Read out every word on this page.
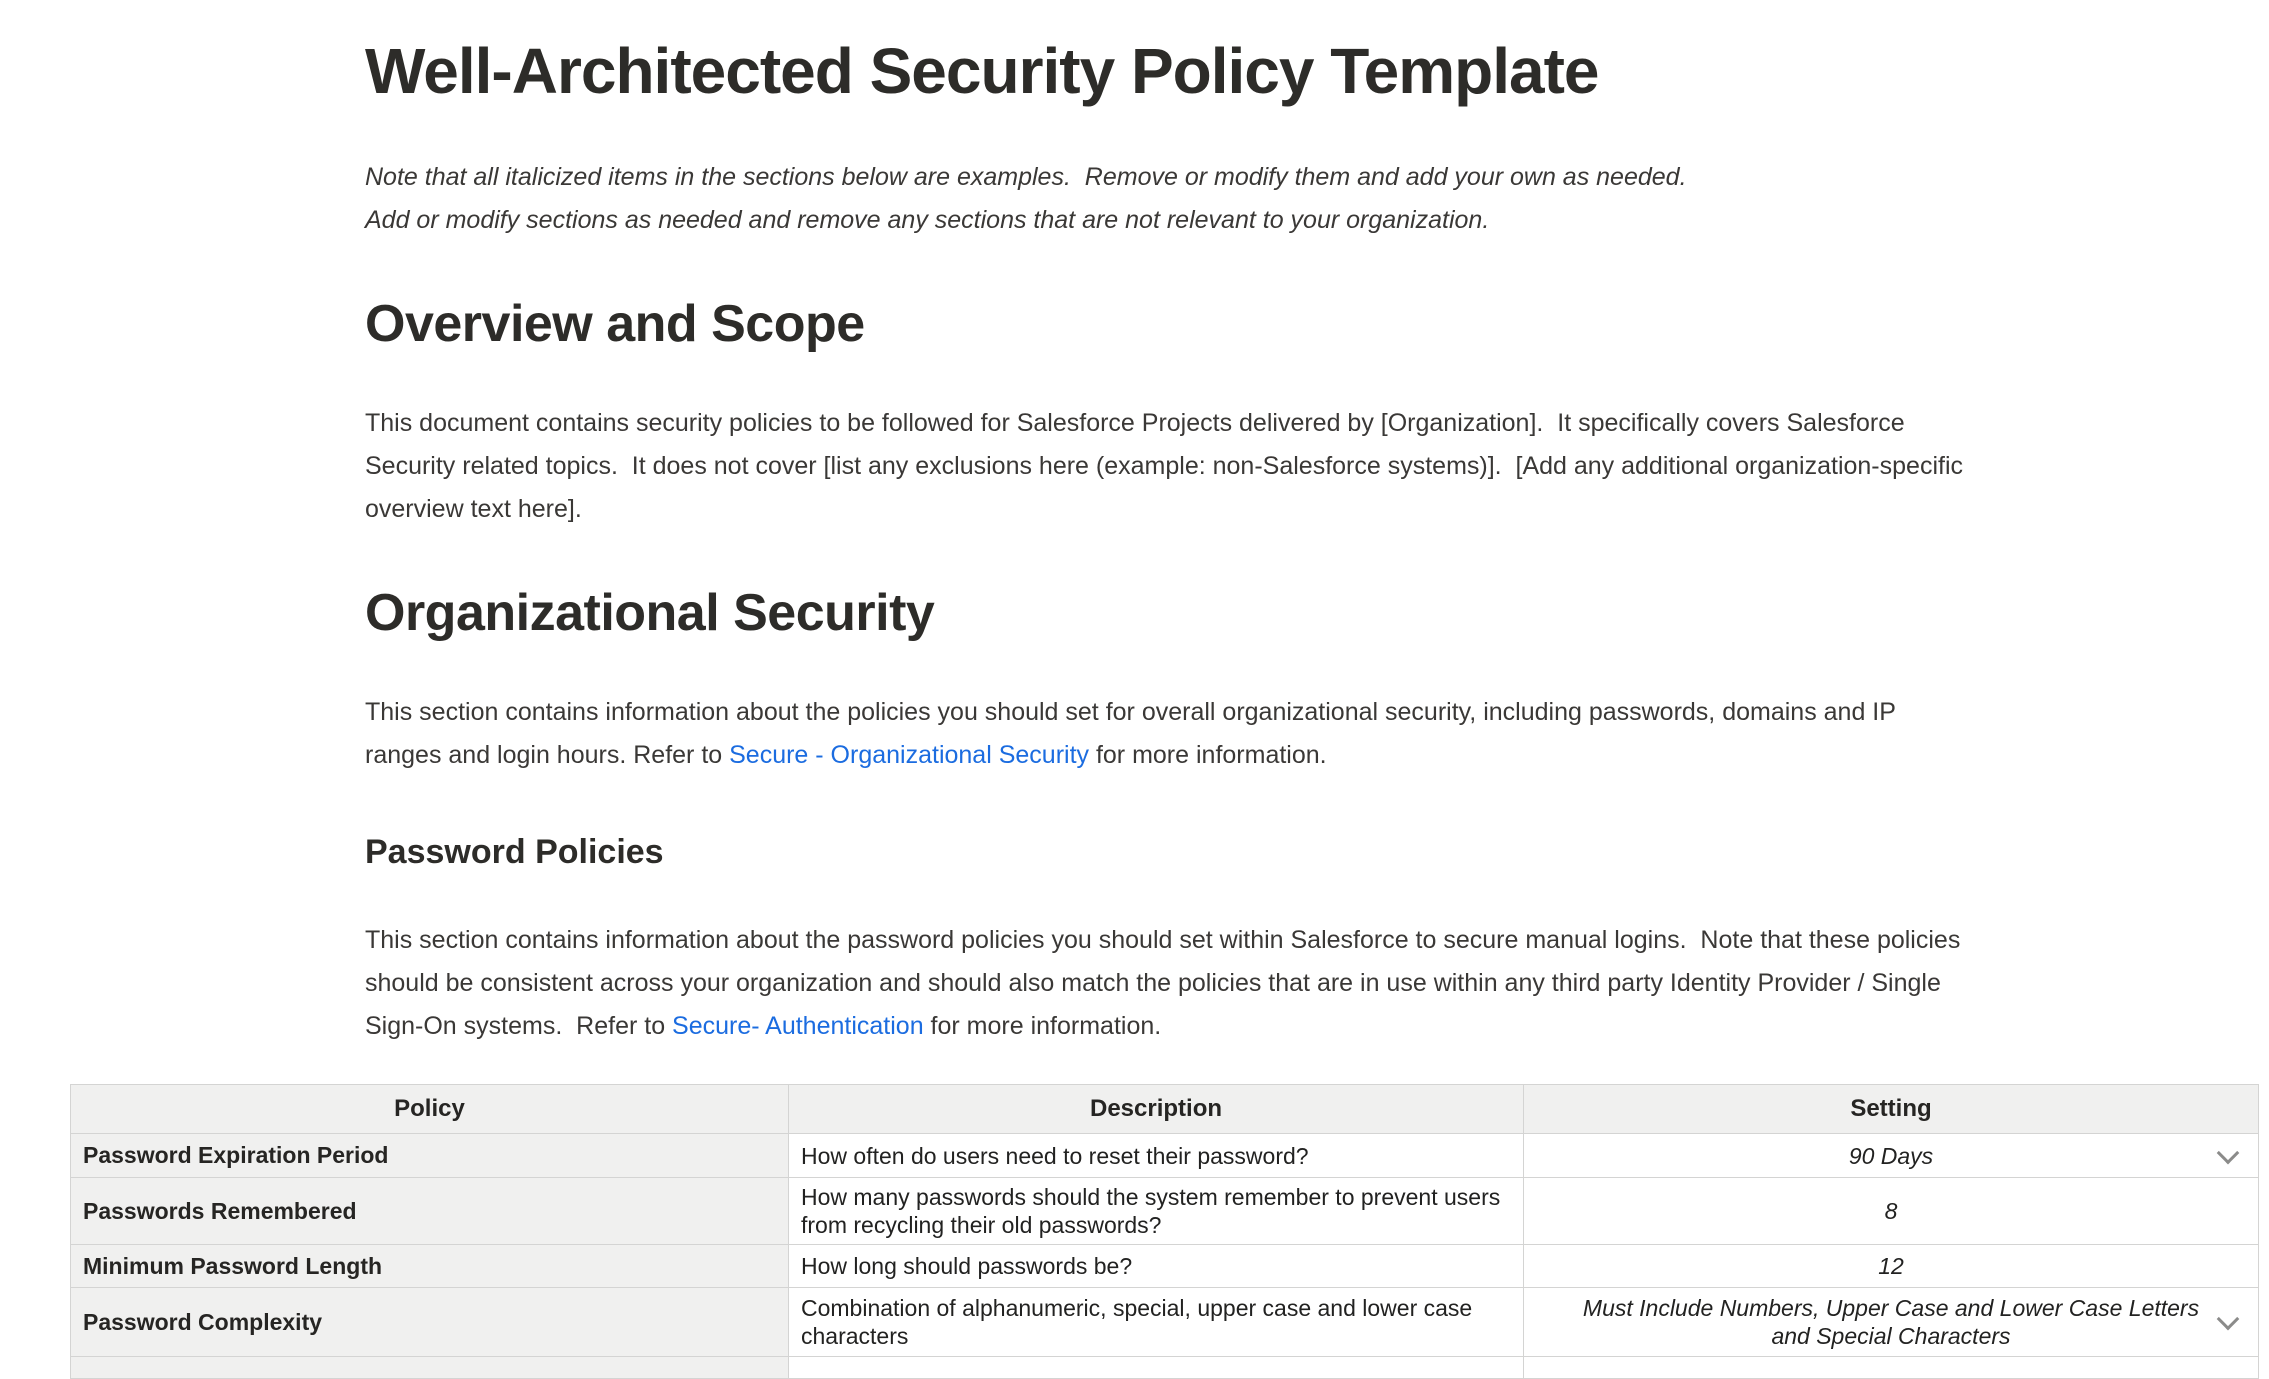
Well-Architected Security Policy Template

Note that all italicized items in the sections below are examples.  Remove or modify them and add your own as needed.
Add or modify sections as needed and remove any sections that are not relevant to your organization.

Overview and Scope

This document contains security policies to be followed for Salesforce Projects delivered by [Organization].  It specifically covers Salesforce Security related topics.  It does not cover [list any exclusions here (example: non-Salesforce systems)].  [Add any additional organization-specific overview text here].

Organizational Security

This section contains information about the policies you should set for overall organizational security, including passwords, domains and IP ranges and login hours. Refer to Secure - Organizational Security for more information.

Password Policies

This section contains information about the password policies you should set within Salesforce to secure manual logins.  Note that these policies should be consistent across your organization and should also match the policies that are in use within any third party Identity Provider / Single Sign-On systems.  Refer to Secure- Authentication for more information.

Policy	Description	Setting
Password Expiration Period	How often do users need to reset their password?	90 Days

Passwords Remembered	How many passwords should the system remember to prevent users from recycling their old passwords?	8
Minimum Password Length	How long should passwords be?	12
Password Complexity	Combination of alphanumeric, special, upper case and lower case characters	Must Include Numbers, Upper Case and Lower Case Letters and Special Characters
